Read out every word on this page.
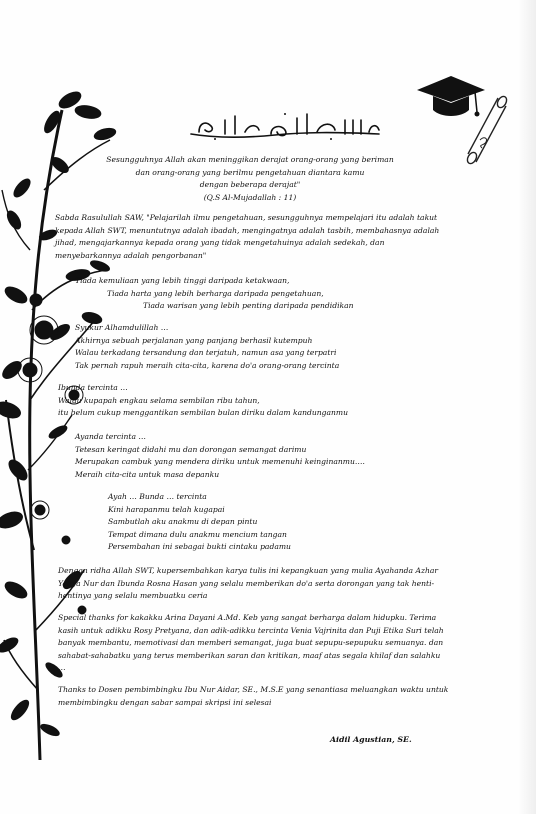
Sesungguhnya Allah akan meninggikan derajat orang-orang yang beriman
dan orang-orang yang berilmu pengetahuan diantara kamu
dengan beberapa derajat"
(Q.S Al-Mujadallah : 11)
Sabda Rasulullah SAW, "Pelajarilah ilmu pengetahuan, sesungguhnya mempelajari itu adalah takut kepada Allah SWT, menuntutnya adalah ibadah, mengingatnya adalah tasbih, membahasnya adalah jihad, mengajarkannya kepada orang yang tidak mengetahuinya adalah sedekah, dan menyebarkannya adalah pengorbanan"
Tiada kemuliaan yang lebih tinggi daripada ketakwaan,
Tiada harta yang lebih berharga daripada pengetahuan,
Tiada warisan yang lebih penting daripada pendidikan
Syukur Alhamdulillah …
Akhirnya sebuah perjalanan yang panjang berhasil kutempuh
Walau terkadang tersandung dan terjatuh, namun asa yang terpatri
Tak pernah rapuh meraih cita-cita, karena do'a orang-orang tercinta
Ibunda tercinta …
Walau kupapah engkau selama sembilan ribu tahun,
itu belum cukup menggantikan sembilan bulan diriku dalam kandunganmu
Ayanda tercinta …
Tetesan keringat didahi mu dan dorongan semangat darimu
Merupakan cambuk yang mendera diriku untuk memenuhi keinginanmu….
Meraih cita-cita untuk masa depanku
Ayah … Bunda … tercinta
Kini harapanmu telah kugapai
Sambutlah aku anakmu di depan pintu
Tempat dimana dulu anakmu mencium tangan
Persembahan ini sebagai bukti cintaku padamu
Dengan ridha Allah SWT, kupersembahkan karya tulis ini kepangkuan yang mulia Ayahanda Azhar Yahya Nur dan Ibunda Rosna Hasan yang selalu memberikan do'a serta dorongan yang tak henti-hentinya yang selalu membuatku ceria
Special thanks for kakakku Arina Dayani A.Md. Keb yang sangat berharga dalam hidupku. Terima kasih untuk adikku Rosy Pretyana, dan adik-adikku tercinta Venia Vajrinita dan Puji Etika Suri telah banyak membantu, memotivasi dan memberi semangat, juga buat sepupu-sepupuku semuanya. dan sahabat-sahabatku yang terus memberikan saran dan kritikan, maaf atas segala khilaf dan salahku …
Thanks to Dosen pembimbingku Ibu Nur Aidar, SE., M.S.E yang senantiasa meluangkan waktu untuk membimbingku dengan sabar sampai skripsi ini selesai
Aidil Agustian, SE.
